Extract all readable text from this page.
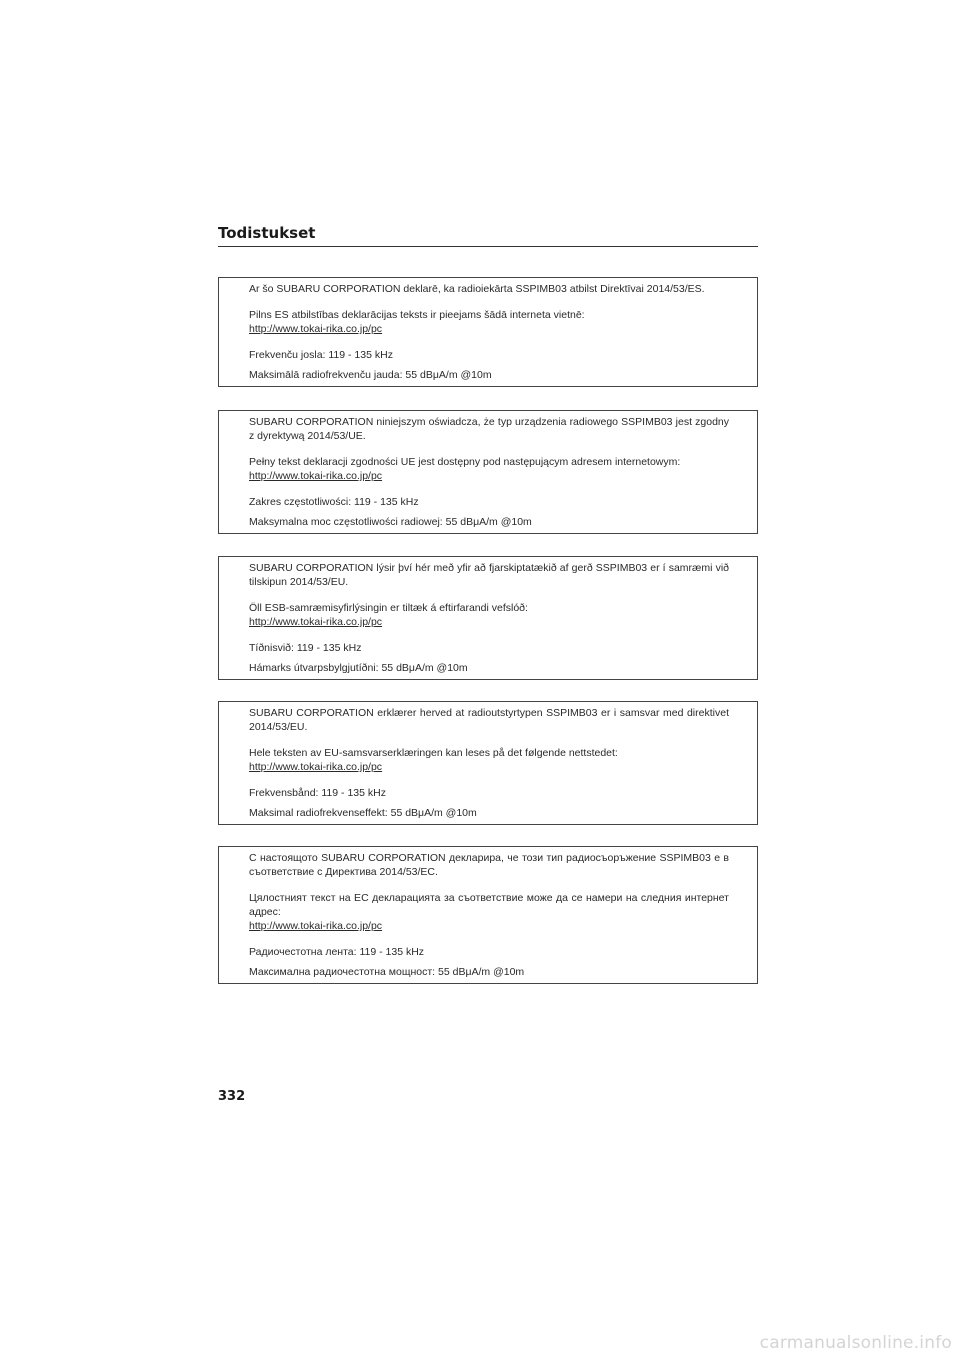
Todistukset

Ar šo SUBARU CORPORATION deklarē, ka radioiekārta SSPIMB03 atbilst Direktīvai 2014/53/ES.

Pilns ES atbilstības deklarācijas teksts ir pieejams šādā interneta vietnē:

http://www.tokai-rika.co.jp/pc

Frekvenču josla: 119 - 135 kHz

Maksimālā radiofrekvenču jauda: 55 dBμA/m @10m

SUBARU CORPORATION niniejszym oświadcza, że typ urządzenia radiowego SSPIMB03 jest zgodny z dyrektywą 2014/53/UE.

Pełny tekst deklaracji zgodności UE jest dostępny pod następującym adresem internetowym:

http://www.tokai-rika.co.jp/pc

Zakres częstotliwości: 119 - 135 kHz

Maksymalna moc częstotliwości radiowej: 55 dBμA/m @10m

SUBARU CORPORATION lýsir því hér með yfir að fjarskiptatækið af gerð SSPIMB03 er í samræmi við tilskipun 2014/53/EU.

Öll ESB-samræmisyfirlýsingin er tiltæk á eftirfarandi vefslóð:

http://www.tokai-rika.co.jp/pc

Tíðnisvið: 119 - 135 kHz

Hámarks útvarpsbylgjutíðni: 55 dBμA/m @10m

SUBARU CORPORATION erklærer herved at radioutstyrtypen SSPIMB03 er i samsvar med direktivet 2014/53/EU.

Hele teksten av EU-samsvarserklæringen kan leses på det følgende nettstedet:

http://www.tokai-rika.co.jp/pc

Frekvensbånd: 119 - 135 kHz

Maksimal radiofrekvenseffekt: 55 dBμA/m @10m

С настоящото SUBARU CORPORATION декларира, че този тип радиосъоръжение SSPIMB03 е в съответствие с Директива 2014/53/ЕС.

Цялостният текст на ЕС декларацията за съответствие може да се намери на следния интернет адрес:

http://www.tokai-rika.co.jp/pc

Радиочестотна лента: 119 - 135 kHz

Максимална радиочестотна мощност: 55 dBμA/m @10m

332
carmanualsonline.info
